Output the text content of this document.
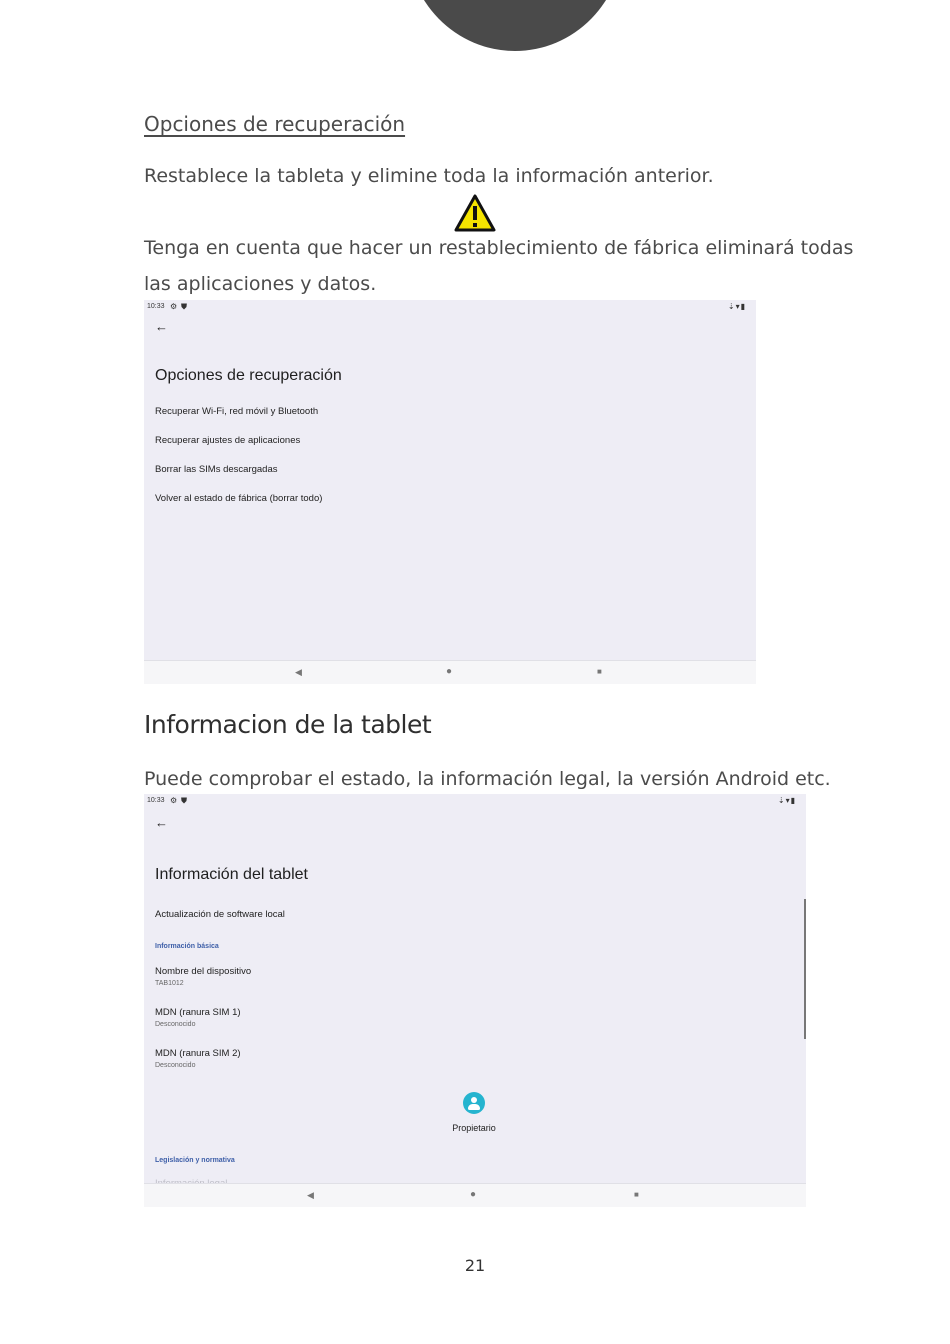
Opciones de recuperación
Restablece la tableta y elimine toda la información anterior.
Tenga en cuenta que hacer un restablecimiento de fábrica eliminará todas
las aplicaciones y datos.
10:33 ⚙ ⛊	⇣▾▮
←
Opciones de recuperación
Recuperar Wi-Fi, red móvil y Bluetooth
Recuperar ajustes de aplicaciones
Borrar las SIMs descargadas
Volver al estado de fábrica (borrar todo)
◀	●	■
Informacion de la tablet
Puede comprobar el estado, la información legal, la versión Android etc.
10:33 ⚙ ⛊	⇣▾▮
←
Información del tablet
Actualización de software local
Información básica
Nombre del dispositivo
TAB1012
MDN (ranura SIM 1)
Desconocido
MDN (ranura SIM 2)
Desconocido
Propietario
Legislación y normativa
◀	●	■
21
